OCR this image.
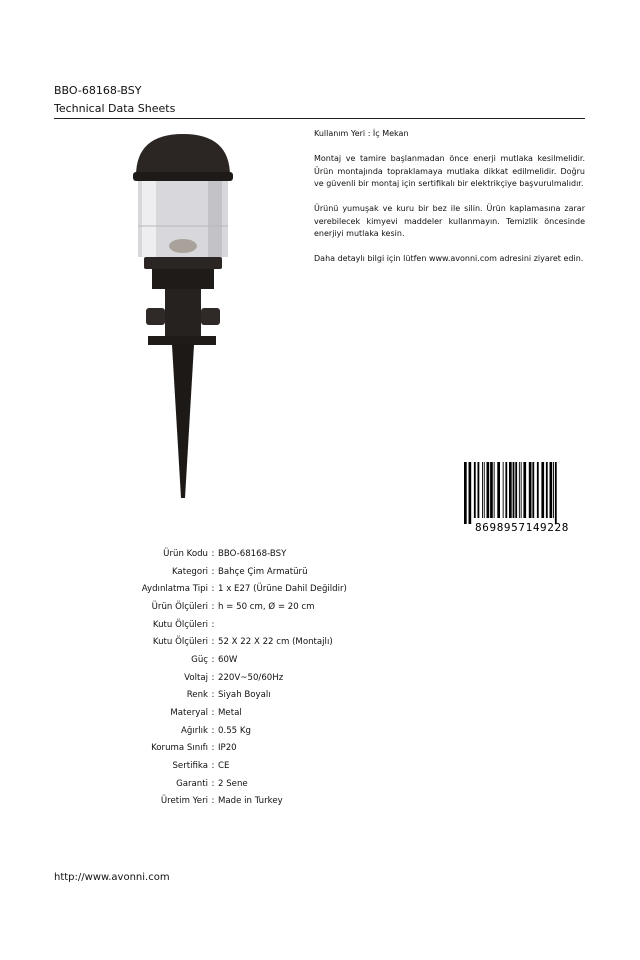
BBO-68168-BSY
Technical Data Sheets

Kullanım Yeri : İç Mekan

Montaj ve tamire başlanmadan önce enerji mutlaka kesilmelidir. Ürün montajında topraklamaya mutlaka dikkat edilmelidir. Doğru ve güvenli bir montaj için sertifikalı bir elektrikçiye başvurulmalıdır.

Ürünü yumuşak ve kuru bir bez ile silin. Ürün kaplamasına zarar verebilecek kimyevi maddeler kullanmayın. Temizlik öncesinde enerjiyi mutlaka kesin.

Daha detaylı bilgi için lütfen www.avonni.com adresini ziyaret edin.

8698957149228
Ürün Kodu : BBO-68168-BSY
Kategori : Bahçe Çim Armatürü
Aydınlatma Tipi : 1 x E27 (Ürüne Dahil Değildir)
Ürün Ölçüleri : h = 50 cm, Ø = 20 cm
Kutu Ölçüleri :
Kutu Ölçüleri : 52 X 22 X 22 cm (Montajlı)
Güç : 60W
Voltaj : 220V~50/60Hz
Renk : Siyah Boyalı
Materyal : Metal
Ağırlık : 0.55 Kg
Koruma Sınıfı : IP20
Sertifika : CE
Garanti : 2 Sene
Üretim Yeri : Made in Turkey
http://www.avonni.com
